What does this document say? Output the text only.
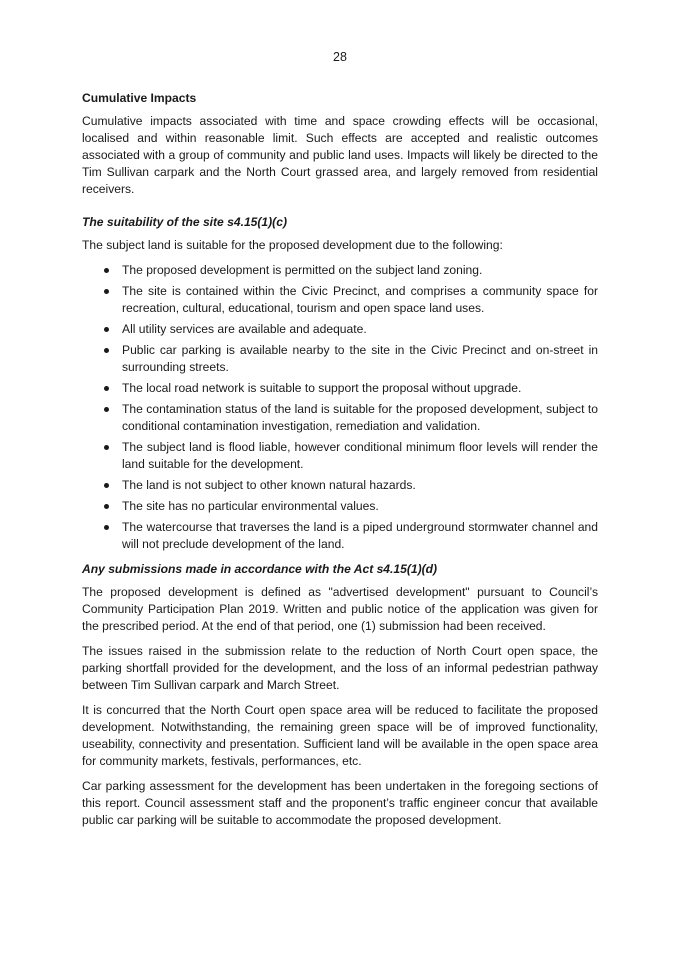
28
Cumulative Impacts

Cumulative impacts associated with time and space crowding effects will be occasional, localised and within reasonable limit. Such effects are accepted and realistic outcomes associated with a group of community and public land uses. Impacts will likely be directed to the Tim Sullivan carpark and the North Court grassed area, and largely removed from residential receivers.

The suitability of the site s4.15(1)(c)

The subject land is suitable for the proposed development due to the following:

The proposed development is permitted on the subject land zoning.
The site is contained within the Civic Precinct, and comprises a community space for recreation, cultural, educational, tourism and open space land uses.
All utility services are available and adequate.
Public car parking is available nearby to the site in the Civic Precinct and on-street in surrounding streets.
The local road network is suitable to support the proposal without upgrade.
The contamination status of the land is suitable for the proposed development, subject to conditional contamination investigation, remediation and validation.
The subject land is flood liable, however conditional minimum floor levels will render the land suitable for the development.
The land is not subject to other known natural hazards.
The site has no particular environmental values.
The watercourse that traverses the land is a piped underground stormwater channel and will not preclude development of the land.
Any submissions made in accordance with the Act s4.15(1)(d)

The proposed development is defined as "advertised development" pursuant to Council’s Community Participation Plan 2019. Written and public notice of the application was given for the prescribed period. At the end of that period, one (1) submission had been received.

The issues raised in the submission relate to the reduction of North Court open space, the parking shortfall provided for the development, and the loss of an informal pedestrian pathway between Tim Sullivan carpark and March Street.

It is concurred that the North Court open space area will be reduced to facilitate the proposed development. Notwithstanding, the remaining green space will be of improved functionality, useability, connectivity and presentation. Sufficient land will be available in the open space area for community markets, festivals, performances, etc.

Car parking assessment for the development has been undertaken in the foregoing sections of this report. Council assessment staff and the proponent’s traffic engineer concur that available public car parking will be suitable to accommodate the proposed development.
